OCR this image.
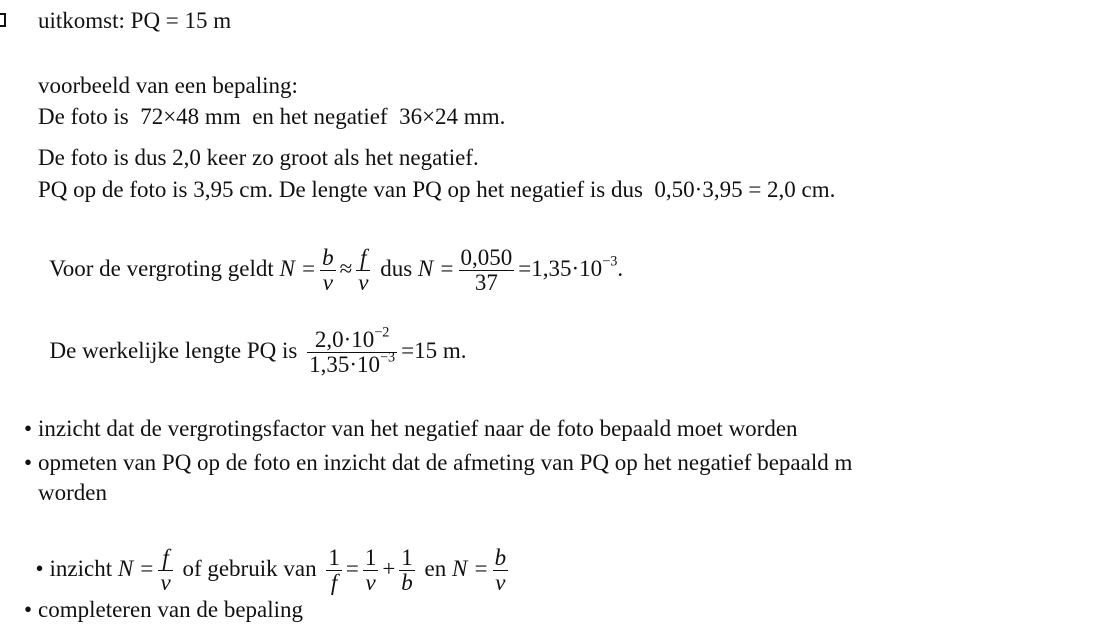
uitkomst: PQ = 15 m
voorbeeld van een bepaling:
De foto is  72×48 mm  en het negatief  36×24 mm.
De foto is dus 2,0 keer zo groot als het negatief.
PQ op de foto is 3,95 cm. De lengte van PQ op het negatief is dus  0,50·3,95 = 2,0 cm.

Voor de vergroting geldt $N = \frac{b}{v} \approx \frac{f}{v}$ dus $N = \frac{0,050}{37} =1,35\cdot 10^{-3}$.

De werkelijke lengte PQ is $\frac{2,0\cdot 10^{-2}}{1,35\cdot 10^{-3}} =15$ m.

• inzicht dat de vergrotingsfactor van het negatief naar de foto bepaald moet worden
• opmeten van PQ op de foto en inzicht dat de afmeting van PQ op het negatief bepaald m
worden

• inzicht $N = \frac{f}{v}$ of gebruik van $\frac{1}{f} = \frac{1}{v} + \frac{1}{b}$ en $N = \frac{b}{v}$

• completeren van de bepaling
